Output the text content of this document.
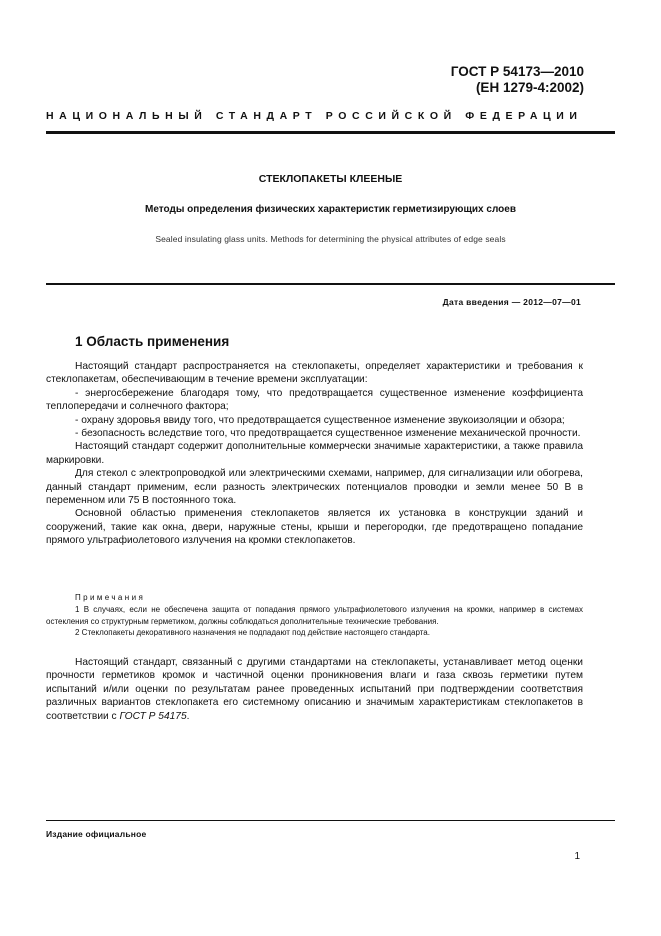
ГОСТ Р 54173—2010
(ЕН 1279-4:2002)
НАЦИОНАЛЬНЫЙ СТАНДАРТ РОССИЙСКОЙ ФЕДЕРАЦИИ
СТЕКЛОПАКЕТЫ КЛЕЕНЫЕ
Методы определения физических характеристик герметизирующих слоев
Sealed insulating glass units. Methods for determining the physical attributes of edge seals
Дата введения — 2012—07—01
1 Область применения

Настоящий стандарт распространяется на стеклопакеты, определяет характеристики и требования к стеклопакетам, обеспечивающим в течение времени эксплуатации:

- энергосбережение благодаря тому, что предотвращается существенное изменение коэффициента теплопередачи и солнечного фактора;

- охрану здоровья ввиду того, что предотвращается существенное изменение звукоизоляции и обзора;

- безопасность вследствие того, что предотвращается существенное изменение механической прочности.

Настоящий стандарт содержит дополнительные коммерчески значимые характеристики, а также правила маркировки.

Для стекол с электропроводкой или электрическими схемами, например, для сигнализации или обогрева, данный стандарт применим, если разность электрических потенциалов проводки и земли менее 50 В в переменном или 75 В постоянного тока.

Основной областью применения стеклопакетов является их установка в конструкции зданий и сооружений, такие как окна, двери, наружные стены, крыши и перегородки, где предотвращено попадание прямого ультрафиолетового излучения на кромки стеклопакетов.

Примечания

1 В случаях, если не обеспечена защита от попадания прямого ультрафиолетового излучения на кромки, например в системах остекления со структурным герметиком, должны соблюдаться дополнительные технические требования.

2 Стеклопакеты декоративного назначения не подпадают под действие настоящего стандарта.

Настоящий стандарт, связанный с другими стандартами на стеклопакеты, устанавливает метод оценки прочности герметиков кромок и частичной оценки проникновения влаги и газа сквозь герметики путем испытаний и/или оценки по результатам ранее проведенных испытаний при подтверждении соответствия различных вариантов стеклопакета его системному описанию и значимым характеристикам стеклопакетов в соответствии с ГОСТ Р 54175.

Издание официальное
1
